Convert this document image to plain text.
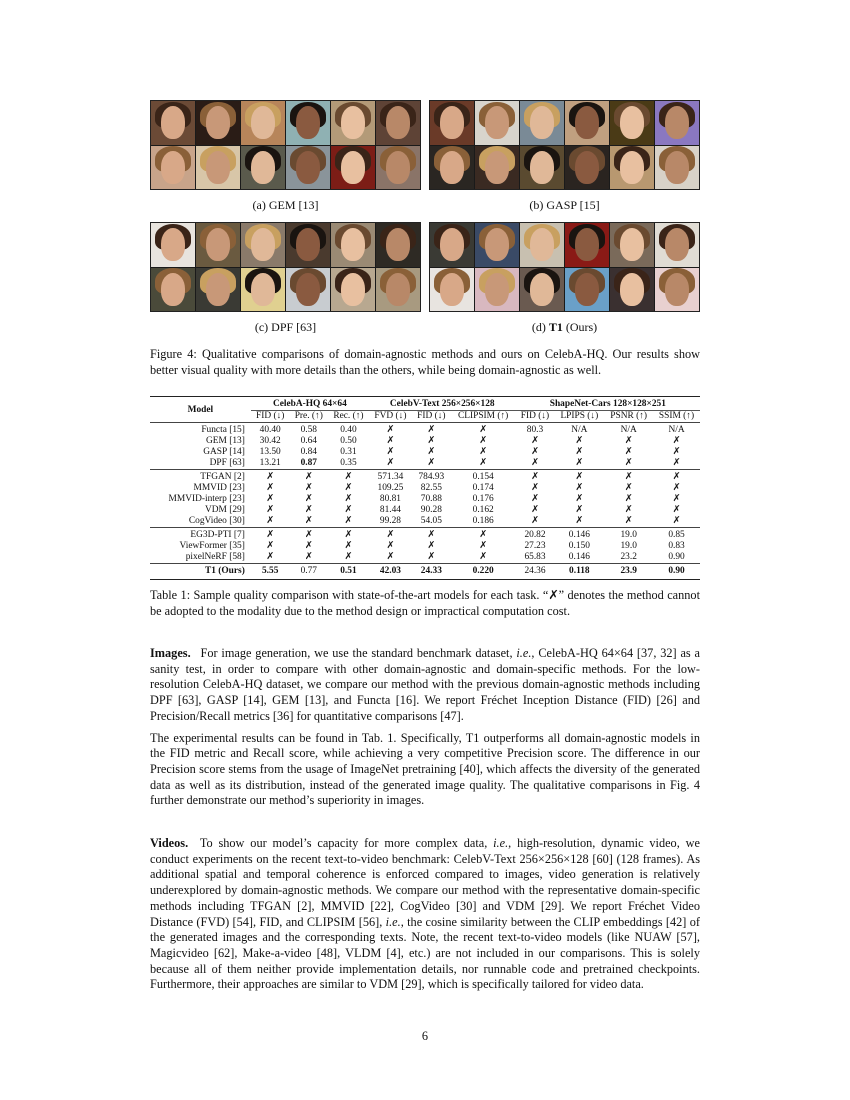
(a) GEM [13]	(b) GASP [15]
(c) DPF [63]	(d) T1 (Ours)
Figure 4: Qualitative comparisons of domain-agnostic methods and ours on CelebA-HQ. Our results show better visual quality with more details than the others, while being domain-agnostic as well.
Model	CelebA-HQ 64×64			CelebV-Text 256×256×128			ShapeNet-Cars 128×128×251			
	FID (↓)	Pre. (↑)	Rec. (↑)	FVD (↓)	FID (↓)	CLIPSIM (↑)	FID (↓)	LPIPS (↓)	PSNR (↑)	SSIM (↑)
Functa [15]	40.40	0.58	0.40	✗	✗	✗	80.3	N/A	N/A	N/A
GEM [13]	30.42	0.64	0.50	✗	✗	✗	✗	✗	✗	✗
GASP [14]	13.50	0.84	0.31	✗	✗	✗	✗	✗	✗	✗
DPF [63]	13.21	0.87	0.35	✗	✗	✗	✗	✗	✗	✗
TFGAN [2]	✗	✗	✗	571.34	784.93	0.154	✗	✗	✗	✗
MMVID [23]	✗	✗	✗	109.25	82.55	0.174	✗	✗	✗	✗
MMVID-interp [23]	✗	✗	✗	80.81	70.88	0.176	✗	✗	✗	✗
VDM [29]	✗	✗	✗	81.44	90.28	0.162	✗	✗	✗	✗
CogVideo [30]	✗	✗	✗	99.28	54.05	0.186	✗	✗	✗	✗
EG3D-PTI [7]	✗	✗	✗	✗	✗	✗	20.82	0.146	19.0	0.85
ViewFormer [35]	✗	✗	✗	✗	✗	✗	27.23	0.150	19.0	0.83
pixelNeRF [58]	✗	✗	✗	✗	✗	✗	65.83	0.146	23.2	0.90
T1 (Ours)	5.55	0.77	0.51	42.03	24.33	0.220	24.36	0.118	23.9	0.90
Table 1: Sample quality comparison with state-of-the-art models for each task. “✗” denotes the method cannot be adopted to the modality due to the method design or impractical computation cost.

Images. For image generation, we use the standard benchmark dataset, i.e., CelebA-HQ 64×64 [37, 32] as a sanity test, in order to compare with other domain-agnostic and domain-specific methods. For the low-resolution CelebA-HQ dataset, we compare our method with the previous domain-agnostic methods including DPF [63], GASP [14], GEM [13], and Functa [16]. We report Fréchet Inception Distance (FID) [26] and Precision/Recall metrics [36] for quantitative comparisons [47].

The experimental results can be found in Tab. 1. Specifically, T1 outperforms all domain-agnostic models in the FID metric and Recall score, while achieving a very competitive Precision score. The difference in our Precision score stems from the usage of ImageNet pretraining [40], which affects the diversity of the generated data as well as its distribution, instead of the generated image quality. The qualitative comparisons in Fig. 4 further demonstrate our method’s superiority in images.

Videos. To show our model’s capacity for more complex data, i.e., high-resolution, dynamic video, we conduct experiments on the recent text-to-video benchmark: CelebV-Text 256×256×128 [60] (128 frames). As additional spatial and temporal coherence is enforced compared to images, video generation is relatively underexplored by domain-agnostic methods. We compare our method with the representative domain-specific methods including TFGAN [2], MMVID [22], CogVideo [30] and VDM [29]. We report Fréchet Video Distance (FVD) [54], FID, and CLIPSIM [56], i.e., the cosine similarity between the CLIP embeddings [42] of the generated images and the corresponding texts. Note, the recent text-to-video models (like NUAW [57], Magicvideo [62], Make-a-video [48], VLDM [4], etc.) are not included in our comparisons. This is solely because all of them neither provide implementation details, nor runnable code and pretrained checkpoints. Furthermore, their approaches are similar to VDM [29], which is specifically tailored for video data.

6
